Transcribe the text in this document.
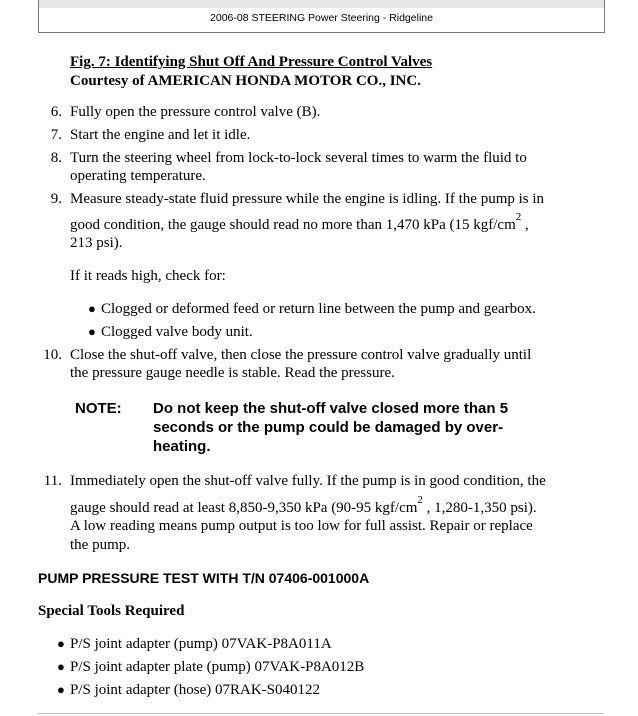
2006-08 STEERING Power Steering - Ridgeline
Fig. 7: Identifying Shut Off And Pressure Control Valves
Courtesy of AMERICAN HONDA MOTOR CO., INC.
6. Fully open the pressure control valve (B).
7. Start the engine and let it idle.
8. Turn the steering wheel from lock-to-lock several times to warm the fluid to
operating temperature.
9. Measure steady-state fluid pressure while the engine is idling. If the pump is in
good condition, the gauge should read no more than 1,470 kPa (15 kgf/$cm^2$ ,
213 psi).
If it reads high, check for:
● Clogged or deformed feed or return line between the pump and gearbox.
● Clogged valve body unit.
10. Close the shut-off valve, then close the pressure control valve gradually until
the pressure gauge needle is stable. Read the pressure.
NOTE: Do not keep the shut-off valve closed more than 5
seconds or the pump could be damaged by over-
heating.
11. Immediately open the shut-off valve fully. If the pump is in good condition, the
gauge should read at least 8,850-9,350 kPa (90-95 kgf/$cm^2$ , 1,280-1,350 psi).
A low reading means pump output is too low for full assist. Repair or replace
the pump.
PUMP PRESSURE TEST WITH T/N 07406-001000A
Special Tools Required
● P/S joint adapter (pump) 07VAK-P8A011A
● P/S joint adapter plate (pump) 07VAK-P8A012B
● P/S joint adapter (hose) 07RAK-S040122
